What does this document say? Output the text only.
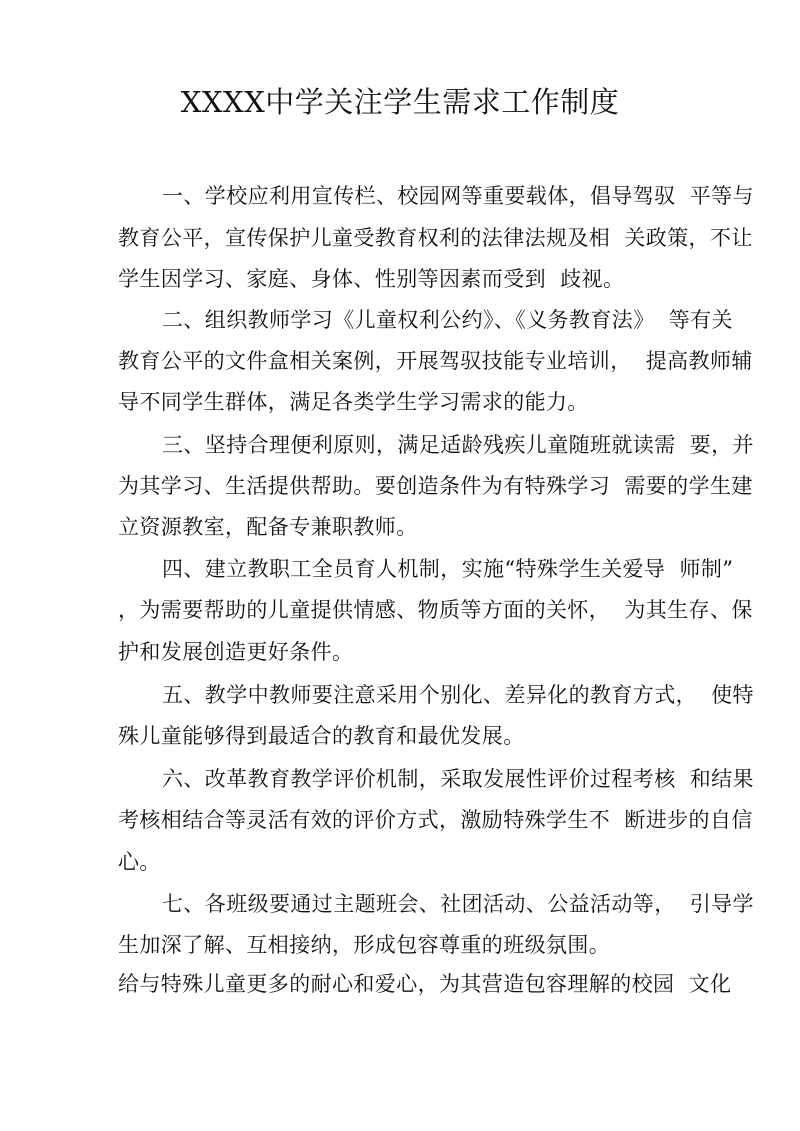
XXXX中学关注学生需求工作制度
一、学校应利用宣传栏、校园网等重要载体，倡导驾驭  平等与
教育公平，宣传保护儿童受教育权利的法律法规及相  关政策，不让
学生因学习、家庭、身体、性别等因素而受到  歧视。
二、组织教师学习《儿童权利公约》、《义务教育法》  等有关
教育公平的文件盒相关案例，开展驾驭技能专业培训，  提高教师辅
导不同学生群体，满足各类学生学习需求的能力。
三、坚持合理便利原则，满足适龄残疾儿童随班就读需  要，并
为其学习、生活提供帮助。要创造条件为有特殊学习  需要的学生建
立资源教室，配备专兼职教师。
四、建立教职工全员育人机制，实施“特殊学生关爱导  师制”
，为需要帮助的儿童提供情感、物质等方面的关怀，  为其生存、保
护和发展创造更好条件。
五、教学中教师要注意采用个别化、差异化的教育方式，  使特
殊儿童能够得到最适合的教育和最优发展。
六、改革教育教学评价机制，采取发展性评价过程考核  和结果
考核相结合等灵活有效的评价方式，激励特殊学生不  断进步的自信
心。
七、各班级要通过主题班会、社团活动、公益活动等，  引导学
生加深了解、互相接纳，形成包容尊重的班级氛围。
给与特殊儿童更多的耐心和爱心，为其营造包容理解的校园  文化
